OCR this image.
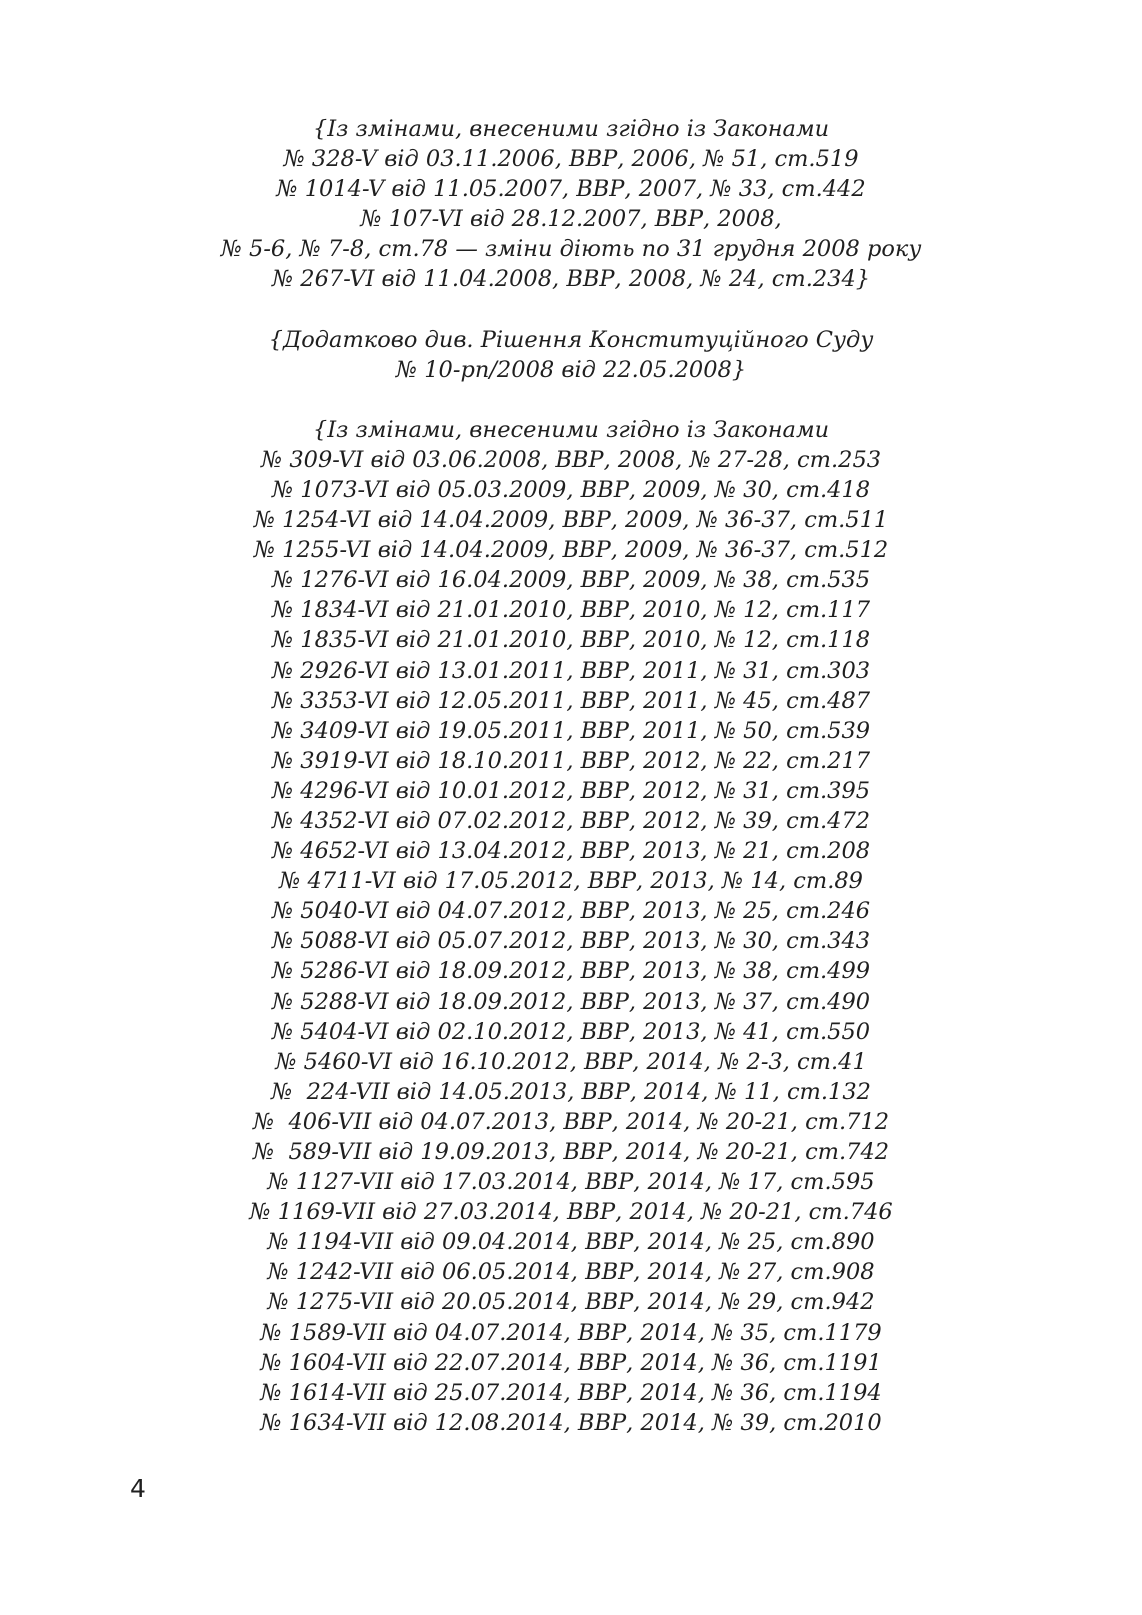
{Із змінами, внесеними згідно із Законами
№ 328-V від 03.11.2006, ВВР, 2006, № 51, ст.519
№ 1014-V від 11.05.2007, ВВР, 2007, № 33, ст.442
№ 107-VI від 28.12.2007, ВВР, 2008,
№ 5-6, № 7-8, ст.78 — зміни діють по 31 грудня 2008 року
№ 267-VI від 11.04.2008, ВВР, 2008, № 24, ст.234}
{Додатково див. Рішення Конституційного Суду
№ 10-рп/2008 від 22.05.2008}
{Із змінами, внесеними згідно із Законами
№ 309-VI від 03.06.2008, ВВР, 2008, № 27-28, ст.253
№ 1073-VI від 05.03.2009, ВВР, 2009, № 30, ст.418
№ 1254-VI від 14.04.2009, ВВР, 2009, № 36-37, ст.511
№ 1255-VI від 14.04.2009, ВВР, 2009, № 36-37, ст.512
№ 1276-VI від 16.04.2009, ВВР, 2009, № 38, ст.535
№ 1834-VI від 21.01.2010, ВВР, 2010, № 12, ст.117
№ 1835-VI від 21.01.2010, ВВР, 2010, № 12, ст.118
№ 2926-VI від 13.01.2011, ВВР, 2011, № 31, ст.303
№ 3353-VI від 12.05.2011, ВВР, 2011, № 45, ст.487
№ 3409-VI від 19.05.2011, ВВР, 2011, № 50, ст.539
№ 3919-VI від 18.10.2011, ВВР, 2012, № 22, ст.217
№ 4296-VI від 10.01.2012, ВВР, 2012, № 31, ст.395
№ 4352-VI від 07.02.2012, ВВР, 2012, № 39, ст.472
№ 4652-VI від 13.04.2012, ВВР, 2013, № 21, ст.208
№ 4711-VI від 17.05.2012, ВВР, 2013, № 14, ст.89
№ 5040-VI від 04.07.2012, ВВР, 2013, № 25, ст.246
№ 5088-VI від 05.07.2012, ВВР, 2013, № 30, ст.343
№ 5286-VI від 18.09.2012, ВВР, 2013, № 38, ст.499
№ 5288-VI від 18.09.2012, ВВР, 2013, № 37, ст.490
№ 5404-VI від 02.10.2012, ВВР, 2013, № 41, ст.550
№ 5460-VI від 16.10.2012, ВВР, 2014, № 2-3, ст.41
№  224-VII від 14.05.2013, ВВР, 2014, № 11, ст.132
№  406-VII від 04.07.2013, ВВР, 2014, № 20-21, ст.712
№  589-VII від 19.09.2013, ВВР, 2014, № 20-21, ст.742
№ 1127-VII від 17.03.2014, ВВР, 2014, № 17, ст.595
№ 1169-VII від 27.03.2014, ВВР, 2014, № 20-21, ст.746
№ 1194-VII від 09.04.2014, ВВР, 2014, № 25, ст.890
№ 1242-VII від 06.05.2014, ВВР, 2014, № 27, ст.908
№ 1275-VII від 20.05.2014, ВВР, 2014, № 29, ст.942
№ 1589-VII від 04.07.2014, ВВР, 2014, № 35, ст.1179
№ 1604-VII від 22.07.2014, ВВР, 2014, № 36, ст.1191
№ 1614-VII від 25.07.2014, ВВР, 2014, № 36, ст.1194
№ 1634-VII від 12.08.2014, ВВР, 2014, № 39, ст.2010
4
